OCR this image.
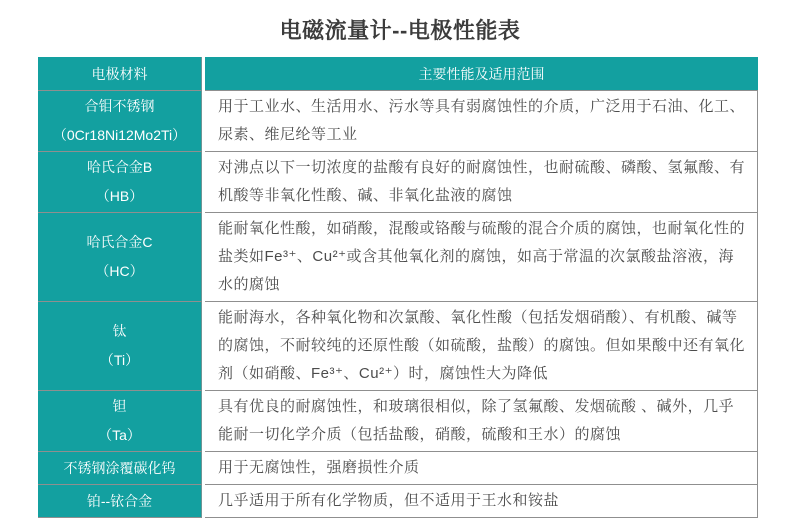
电磁流量计--电极性能表
电极材料	主要性能及适用范围

合钼不锈钢
（0Cr18Ni12Mo2Ti）	用于工业水、生活用水、污水等具有弱腐蚀性的介质，广泛用于石油、化工、尿素、维尼纶等工业

哈氏合金B
（HB）	对沸点以下一切浓度的盐酸有良好的耐腐蚀性，也耐硫酸、磷酸、氢氟酸、有机酸等非氧化性酸、碱、非氧化盐液的腐蚀

哈氏合金C
（HC）	能耐氧化性酸，如硝酸，混酸或铬酸与硫酸的混合介质的腐蚀，也耐氧化性的盐类如Fe³⁺、Cu²⁺或含其他氧化剂的腐蚀，如高于常温的次氯酸盐溶液，海水的腐蚀

钛
（Ti）	能耐海水，各种氧化物和次氯酸、氧化性酸（包括发烟硝酸）、有机酸、碱等的腐蚀，不耐较纯的还原性酸（如硫酸，盐酸）的腐蚀。但如果酸中还有氧化剂（如硝酸、Fe³⁺、Cu²⁺）时，腐蚀性大为降低

钽
（Ta）	具有优良的耐腐蚀性，和玻璃很相似，除了氢氟酸、发烟硫酸 、碱外，几乎能耐一切化学介质（包括盐酸，硝酸，硫酸和王水）的腐蚀

不锈钢涂覆碳化钨	用于无腐蚀性，强磨损性介质

铂--铱合金	几乎适用于所有化学物质，但不适用于王水和铵盐
